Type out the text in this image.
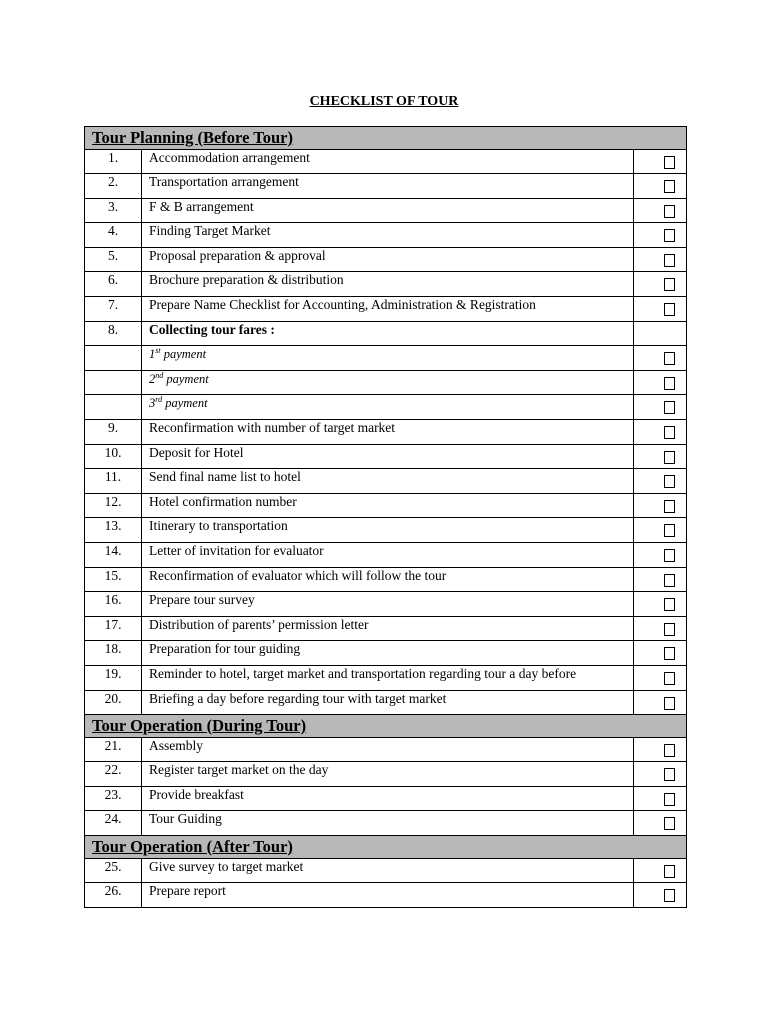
CHECKLIST OF TOUR
Tour Planning (Before Tour)		
1.	Accommodation arrangement	

2.	Transportation arrangement	

3.	F & B arrangement	

4.	Finding Target Market	

5.	Proposal preparation & approval	

6.	Brochure preparation & distribution	

7.	Prepare Name Checklist for Accounting, Administration & Registration	

8.	Collecting tour fares :	
	1st payment	

	2nd payment	

	3rd payment	

9.	Reconfirmation with number of target market	

10.	Deposit for Hotel	

11.	Send final name list to hotel	

12.	Hotel confirmation number	

13.	Itinerary to transportation	

14.	Letter of invitation for evaluator	

15.	Reconfirmation of evaluator which will follow the tour	

16.	Prepare tour survey	

17.	Distribution of parents’ permission letter	

18.	Preparation for tour guiding	

19.	Reminder to hotel, target market and transportation regarding tour a day before	

20.	Briefing a day before regarding tour with target market	

Tour Operation (During Tour)		
21.	Assembly	

22.	Register target market on the day	

23.	Provide breakfast	

24.	Tour Guiding	

Tour Operation (After Tour)		
25.	Give survey to target market	

26.	Prepare report	
